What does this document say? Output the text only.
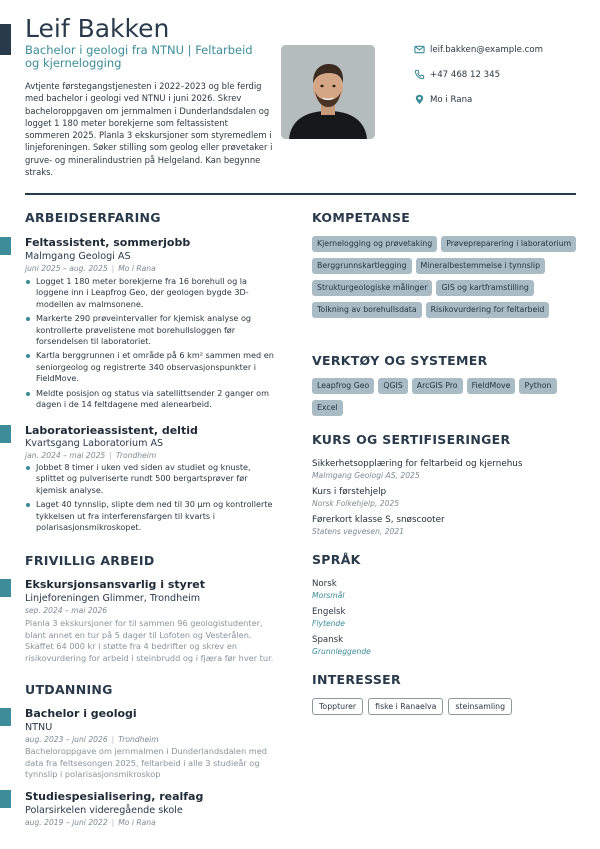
Leif Bakken
Bachelor i geologi fra NTNU | Feltarbeid og kjernelogging
Avtjente førstegangstjenesten i 2022–2023 og ble ferdig med bachelor i geologi ved NTNU i juni 2026. Skrev bacheloroppgaven om jernmalmen i Dunderlandsdalen og logget 1 180 meter borekjerne som feltassistent sommeren 2025. Planla 3 ekskursjoner som styremedlem i linjeforeningen. Søker stilling som geolog eller prøvetaker i gruve- og mineralindustrien på Helgeland. Kan begynne straks.
leif.bakken@example.com
+47 468 12 345
Mo i Rana
ARBEIDSERFARING
Feltassistent, sommerjobb
Malmgang Geologi AS
juni 2025 – aug. 2025 | Mo i Rana
Logget 1 180 meter borekjerne fra 16 borehull og la loggene inn i Leapfrog Geo, der geologen bygde 3D-modellen av malmsonene.
Markerte 290 prøveintervaller for kjemisk analyse og kontrollerte prøvelistene mot borehullsloggen før forsendelsen til laboratoriet.
Kartla berggrunnen i et område på 6 km² sammen med en seniorgeolog og registrerte 340 observasjonspunkter i FieldMove.
Meldte posisjon og status via satellittsender 2 ganger om dagen i de 14 feltdagene med alenearbeid.
Laboratorieassistent, deltid
Kvartsgang Laboratorium AS
jan. 2024 – mai 2025 | Trondheim
Jobbet 8 timer i uken ved siden av studiet og knuste, splittet og pulveriserte rundt 500 bergartsprøver før kjemisk analyse.
Laget 40 tynnslip, slipte dem ned til 30 µm og kontrollerte tykkelsen ut fra interferensfargen til kvarts i polarisasjonsmikroskopet.
FRIVILLIG ARBEID
Ekskursjonsansvarlig i styret
Linjeforeningen Glimmer, Trondheim
sep. 2024 – mai 2026
Planla 3 ekskursjoner for til sammen 96 geologistudenter, blant annet en tur på 5 dager til Lofoten og Vesterålen. Skaffet 64 000 kr i støtte fra 4 bedrifter og skrev en risikovurdering for arbeid i steinbrudd og i fjæra før hver tur.
UTDANNING
Bachelor i geologi
NTNU
aug. 2023 – juni 2026 | Trondheim
Bacheloroppgave om jernmalmen i Dunderlandsdalen med data fra feltsesongen 2025, feltarbeid i alle 3 studieår og tynnslip i polarisasjonsmikroskop
Studiespesialisering, realfag
Polarsirkelen videregående skole
aug. 2019 – juni 2022 | Mo i Rana
KOMPETANSE
Kjernelogging og prøvetaking	Prøvepreparering i laboratorium
Berggrunnskartlegging	Mineralbestemmelse i tynnslip
Strukturgeologiske målinger	GIS og kartframstilling
Tolkning av borehullsdata	Risikovurdering for feltarbeid
VERKTØY OG SYSTEMER
Leapfrog Geo	QGIS	ArcGIS Pro	FieldMove	Python
Excel
KURS OG SERTIFISERINGER
Sikkerhetsopplæring for feltarbeid og kjernehus
Malmgang Geologi AS, 2025
Kurs i førstehjelp
Norsk Folkehjelp, 2025
Førerkort klasse S, snøscooter
Statens vegvesen, 2021
SPRÅK
Norsk
Morsmål
Engelsk
Flytende
Spansk
Grunnleggende
INTERESSER
Toppturer	fiske i Ranaelva	steinsamling
